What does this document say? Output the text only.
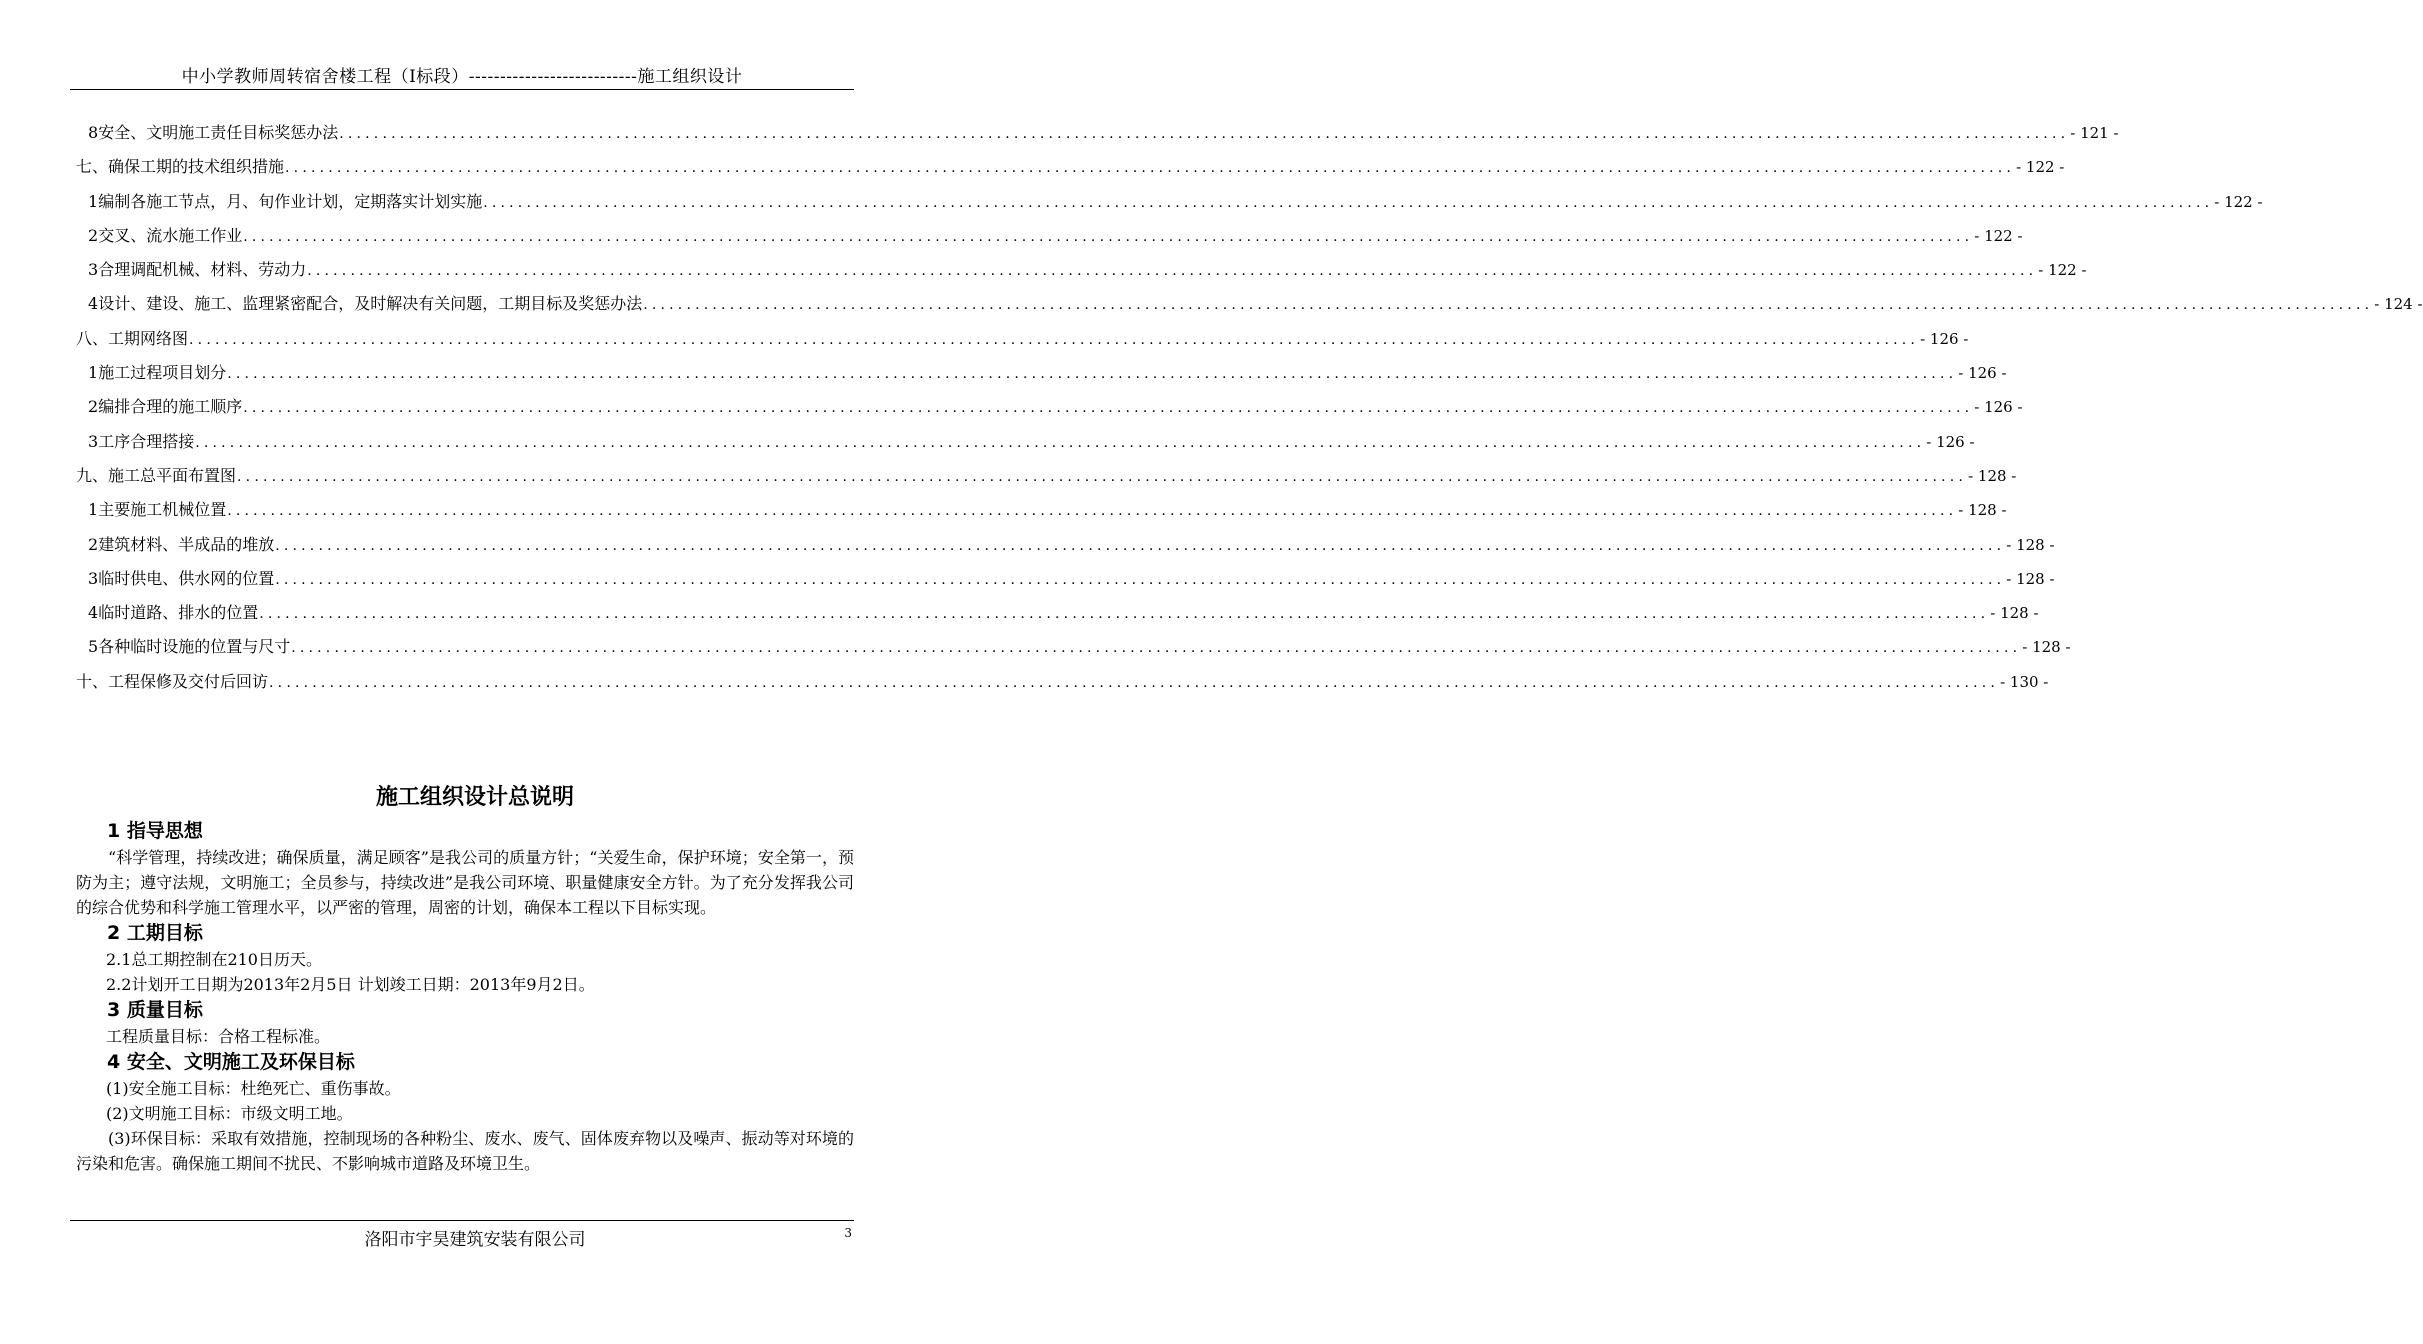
中小学教师周转宿舍楼工程（Ⅰ标段）---------------------------施工组织设计
8 安全、文明施工责任目标奖惩办法 ........................................................................................................................................................................................................ - 121 -
七、确保工期的技术组织措施 ........................................................................................................................................................................................................ - 122 -
1 编制各施工节点，月、旬作业计划，定期落实计划实施 ........................................................................................................................................................................................................ - 122 -
2 交叉、流水施工作业 ........................................................................................................................................................................................................ - 122 -
3 合理调配机械、材料、劳动力 ........................................................................................................................................................................................................ - 122 -
4 设计、建设、施工、监理紧密配合，及时解决有关问题，工期目标及奖惩办法 ........................................................................................................................................................................................................ - 124 -
八、工期网络图 ........................................................................................................................................................................................................ - 126 -
1 施工过程项目划分 ........................................................................................................................................................................................................ - 126 -
2 编排合理的施工顺序 ........................................................................................................................................................................................................ - 126 -
3 工序合理搭接 ........................................................................................................................................................................................................ - 126 -
九、施工总平面布置图 ........................................................................................................................................................................................................ - 128 -
1 主要施工机械位置 ........................................................................................................................................................................................................ - 128 -
2 建筑材料、半成品的堆放 ........................................................................................................................................................................................................ - 128 -
3 临时供电、供水网的位置 ........................................................................................................................................................................................................ - 128 -
4 临时道路、排水的位置 ........................................................................................................................................................................................................ - 128 -
5 各种临时设施的位置与尺寸 ........................................................................................................................................................................................................ - 128 -
十、工程保修及交付后回访 ........................................................................................................................................................................................................ - 130 -
施工组织设计总说明
1 指导思想
“科学管理，持续改进；确保质量，满足顾客”是我公司的质量方针；“关爱生命，保护环境；安全第一，预防为主；遵守法规，文明施工；全员参与，持续改进”是我公司环境、职量健康安全方针。为了充分发挥我公司的综合优势和科学施工管理水平，以严密的管理，周密的计划，确保本工程以下目标实现。
2 工期目标
2.1总工期控制在210日历天。
2.2计划开工日期为2013年2月5日 计划竣工日期：2013年9月2日。
3 质量目标
工程质量目标：合格工程标准。
4 安全、文明施工及环保目标
(1)安全施工目标：杜绝死亡、重伤事故。
(2)文明施工目标：市级文明工地。
(3)环保目标：采取有效措施，控制现场的各种粉尘、废水、废气、固体废弃物以及噪声、振动等对环境的污染和危害。确保施工期间不扰民、不影响城市道路及环境卫生。
洛阳市宇昊建筑安装有限公司	3
